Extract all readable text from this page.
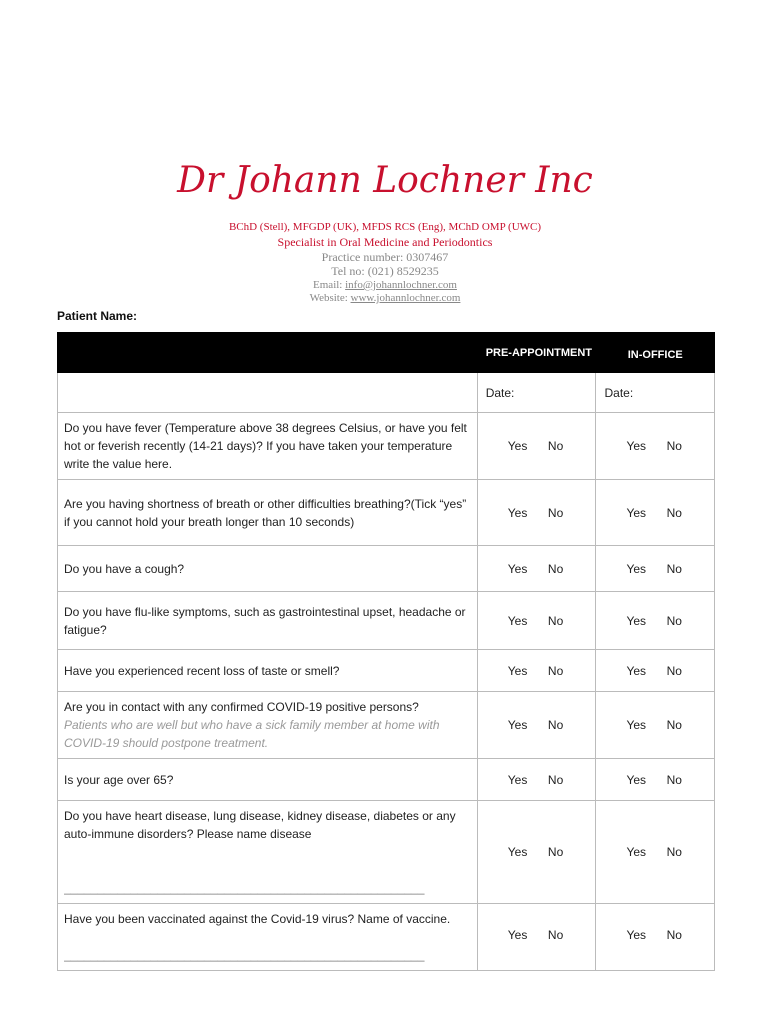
Dr Johann Lochner Inc
BChD (Stell), MFGDP (UK), MFDS RCS (Eng), MChD OMP (UWC)
Specialist in Oral Medicine and Periodontics
Practice number: 0307467
Tel no: (021) 8529235
Email: info@johannlochner.com
Website: www.johannlochner.com
Patient Name:
	PRE-APPOINTMENT	IN-OFFICE
	Date:	Date:
Do you have fever (Temperature above 38 degrees Celsius, or have you felt hot or feverish recently (14-21 days)? If you have taken your temperature write the value here.	Yes No	Yes No
Are you having shortness of breath or other difficulties breathing?(Tick “yes” if you cannot hold your breath longer than 10 seconds)	Yes No	Yes No
Do you have a cough?	Yes No	Yes No
Do you have flu-like symptoms, such as gastrointestinal upset, headache or fatigue?	Yes No	Yes No
Have you experienced recent loss of taste or smell?	Yes No	Yes No
Are you in contact with any confirmed COVID-19 positive persons?
Patients who are well but who have a sick family member at home with COVID-19 should postpone treatment.	Yes No	Yes No
Is your age over 65?	Yes No	Yes No
Do you have heart disease, lung disease, kidney disease, diabetes or any auto-immune disorders? Please name disease

______________________________________________________	Yes No	Yes No
Have you been vaccinated against the Covid-19 virus? Name of vaccine.

______________________________________________________	Yes No	Yes No
